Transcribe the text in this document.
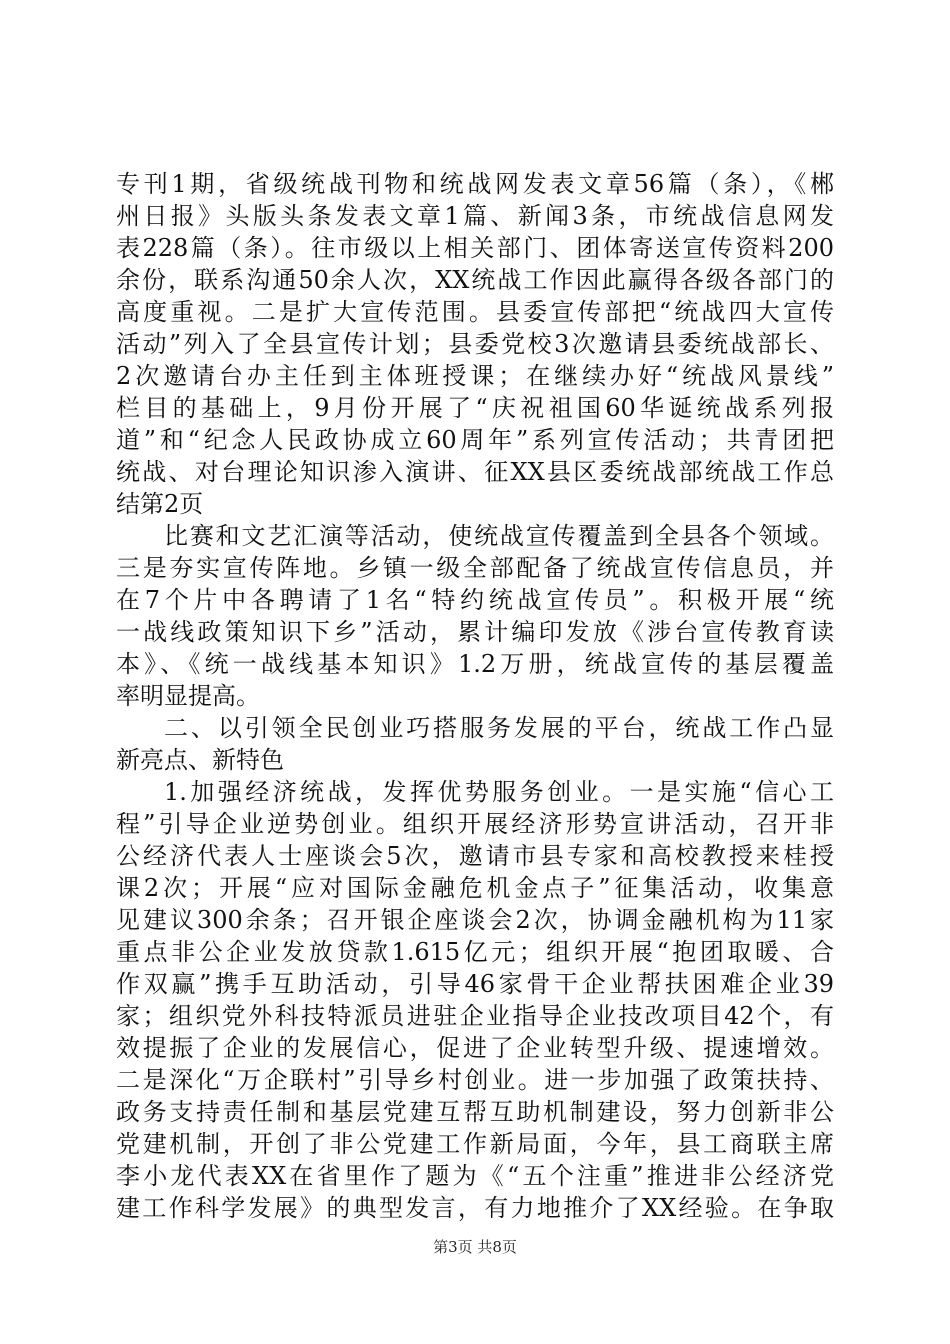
专刊1期，省级统战刊物和统战网发表文章56篇（条），《郴
州日报》头版头条发表文章1篇、新闻3条，市统战信息网发
表228篇（条）。往市级以上相关部门、团体寄送宣传资料200
余份，联系沟通50余人次，XX统战工作因此赢得各级各部门的
高度重视。二是扩大宣传范围。县委宣传部把“统战四大宣传
活动”列入了全县宣传计划；县委党校3次邀请县委统战部长、
2次邀请台办主任到主体班授课；在继续办好“统战风景线”
栏目的基础上，9月份开展了“庆祝祖国60华诞统战系列报
道”和“纪念人民政协成立60周年”系列宣传活动；共青团把
统战、对台理论知识渗入演讲、征XX县区委统战部统战工作总
结第2页
比赛和文艺汇演等活动，使统战宣传覆盖到全县各个领域。
三是夯实宣传阵地。乡镇一级全部配备了统战宣传信息员，并
在7个片中各聘请了1名“特约统战宣传员”。积极开展“统
一战线政策知识下乡”活动，累计编印发放《涉台宣传教育读
本》、《统一战线基本知识》1.2万册，统战宣传的基层覆盖
率明显提高。
二、以引领全民创业巧搭服务发展的平台，统战工作凸显
新亮点、新特色
1.加强经济统战，发挥优势服务创业。一是实施“信心工
程”引导企业逆势创业。组织开展经济形势宣讲活动，召开非
公经济代表人士座谈会5次，邀请市县专家和高校教授来桂授
课2次；开展“应对国际金融危机金点子”征集活动，收集意
见建议300余条；召开银企座谈会2次，协调金融机构为11家
重点非公企业发放贷款1.615亿元；组织开展“抱团取暖、合
作双赢”携手互助活动，引导46家骨干企业帮扶困难企业39
家；组织党外科技特派员进驻企业指导企业技改项目42个，有
效提振了企业的发展信心，促进了企业转型升级、提速增效。
二是深化“万企联村”引导乡村创业。进一步加强了政策扶持、
政务支持责任制和基层党建互帮互助机制建设，努力创新非公
党建机制，开创了非公党建工作新局面，今年，县工商联主席
李小龙代表XX在省里作了题为《“五个注重”推进非公经济党
建工作科学发展》的典型发言，有力地推介了XX经验。在争取
第3页 共8页
